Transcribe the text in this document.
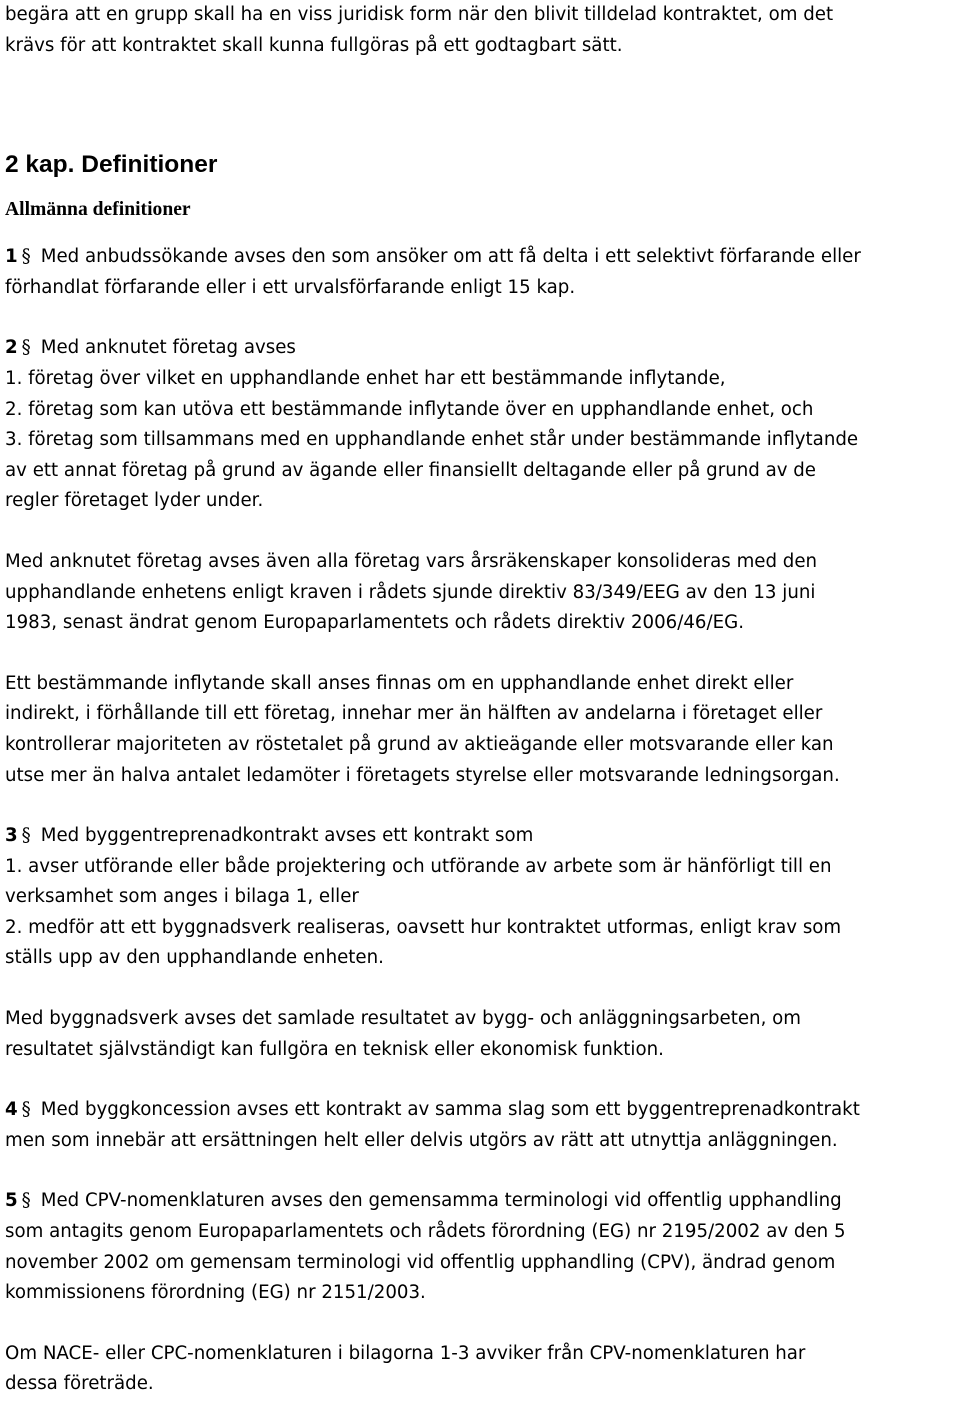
begära att en grupp skall ha en viss juridisk form när den blivit tilldelad kontraktet, om det
krävs för att kontraktet skall kunna fullgöras på ett godtagbart sätt.
2 kap. Definitioner
Allmänna definitioner
1 § Med anbudssökande avses den som ansöker om att få delta i ett selektivt förfarande eller
förhandlat förfarande eller i ett urvalsförfarande enligt 15 kap.
2 § Med anknutet företag avses
1. företag över vilket en upphandlande enhet har ett bestämmande inflytande,
2. företag som kan utöva ett bestämmande inflytande över en upphandlande enhet, och
3. företag som tillsammans med en upphandlande enhet står under bestämmande inflytande
av ett annat företag på grund av ägande eller finansiellt deltagande eller på grund av de
regler företaget lyder under.
Med anknutet företag avses även alla företag vars årsräkenskaper konsolideras med den
upphandlande enhetens enligt kraven i rådets sjunde direktiv 83/349/EEG av den 13 juni
1983, senast ändrat genom Europaparlamentets och rådets direktiv 2006/46/EG.
Ett bestämmande inflytande skall anses finnas om en upphandlande enhet direkt eller
indirekt, i förhållande till ett företag, innehar mer än hälften av andelarna i företaget eller
kontrollerar majoriteten av röstetalet på grund av aktieägande eller motsvarande eller kan
utse mer än halva antalet ledamöter i företagets styrelse eller motsvarande ledningsorgan.
3 § Med byggentreprenadkontrakt avses ett kontrakt som
1. avser utförande eller både projektering och utförande av arbete som är hänförligt till en
verksamhet som anges i bilaga 1, eller
2. medför att ett byggnadsverk realiseras, oavsett hur kontraktet utformas, enligt krav som
ställs upp av den upphandlande enheten.
Med byggnadsverk avses det samlade resultatet av bygg- och anläggningsarbeten, om
resultatet självständigt kan fullgöra en teknisk eller ekonomisk funktion.
4 § Med byggkoncession avses ett kontrakt av samma slag som ett byggentreprenadkontrakt
men som innebär att ersättningen helt eller delvis utgörs av rätt att utnyttja anläggningen.
5 § Med CPV-nomenklaturen avses den gemensamma terminologi vid offentlig upphandling
som antagits genom Europaparlamentets och rådets förordning (EG) nr 2195/2002 av den 5
november 2002 om gemensam terminologi vid offentlig upphandling (CPV), ändrad genom
kommissionens förordning (EG) nr 2151/2003.
Om NACE- eller CPC-nomenklaturen i bilagorna 1-3 avviker från CPV-nomenklaturen har
dessa företräde.
